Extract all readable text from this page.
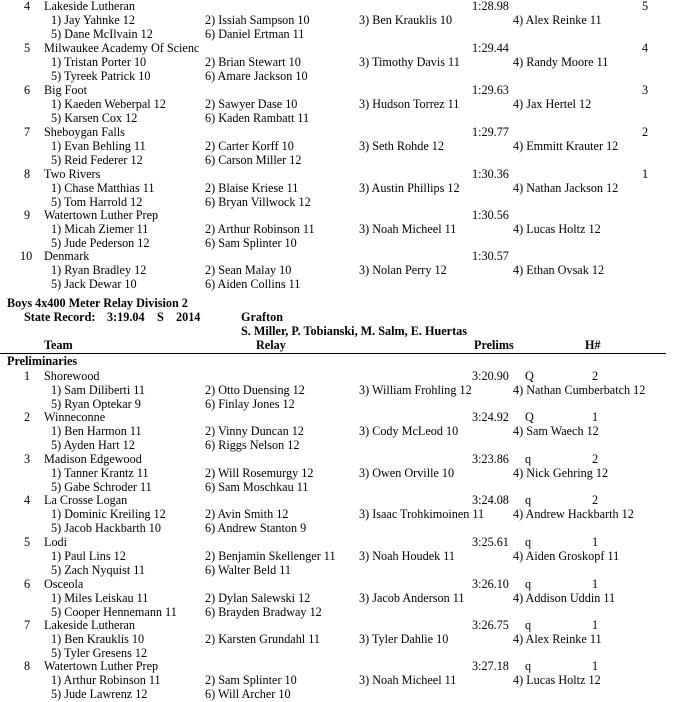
4 Lakeside Lutheran	1:28.98	5
1) Jay Yahnke 12	2) Issiah Sampson 10	3) Ben Krauklis 10	4) Alex Reinke 11
5) Dane McIlvain 12	6) Daniel Ertman 11
5 Milwaukee Academy Of Scienc	1:29.44	4
1) Tristan Porter 10	2) Brian Stewart 10	3) Timothy Davis 11	4) Randy Moore 11
5) Tyreek Patrick 10	6) Amare Jackson 10
6 Big Foot	1:29.63	3
1) Kaeden Weberpal 12	2) Sawyer Dase 10	3) Hudson Torrez 11	4) Jax Hertel 12
5) Karsen Cox 12	6) Kaden Rambatt 11
7 Sheboygan Falls	1:29.77	2
1) Evan Behling 11	2) Carter Korff 10	3) Seth Rohde 12	4) Emmitt Krauter 12
5) Reid Federer 12	6) Carson Miller 12
8 Two Rivers	1:30.36	1
1) Chase Matthias 11	2) Blaise Kriese 11	3) Austin Phillips 12	4) Nathan Jackson 12
5) Tom Harrold 12	6) Bryan Villwock 12
9 Watertown Luther Prep	1:30.56
1) Micah Ziemer 11	2) Arthur Robinson 11	3) Noah Micheel 11	4) Lucas Holtz 12
5) Jude Pederson 12	6) Sam Splinter 10
10 Denmark	1:30.57
1) Ryan Bradley 12	2) Sean Malay 10	3) Nolan Perry 12	4) Ethan Ovsak 12
5) Jack Dewar 10	6) Aiden Collins 11
Boys 4x400 Meter Relay Division 2
State Record: 3:19.04 S 2014	Grafton
S. Miller, P. Tobianski, M. Salm, E. Huertas
Team	Relay	Prelims	H#
Preliminaries
1 Shorewood	3:20.90 Q	2
1) Sam Diliberti 11	2) Otto Duensing 12	3) William Frohling 12	4) Nathan Cumberbatch 12
5) Ryan Optekar 9	6) Finlay Jones 12
2 Winneconne	3:24.92 Q	1
1) Ben Harmon 11	2) Vinny Duncan 12	3) Cody McLeod 10	4) Sam Waech 12
5) Ayden Hart 12	6) Riggs Nelson 12
3 Madison Edgewood	3:23.86 q	2
1) Tanner Krantz 11	2) Will Rosemurgy 12	3) Owen Orville 10	4) Nick Gehring 12
5) Gabe Schroder 11	6) Sam Moschkau 11
4 La Crosse Logan	3:24.08 q	2
1) Dominic Kreiling 12	2) Avin Smith 12	3) Isaac Trohkimoinen 11 4) Andrew Hackbarth 12
5) Jacob Hackbarth 10	6) Andrew Stanton 9
5 Lodi	3:25.61 q	1
1) Paul Lins 12	2) Benjamin Skellenger 11 3) Noah Houdek 11	4) Aiden Groskopf 11
5) Zach Nyquist 11	6) Walter Beld 11
6 Osceola	3:26.10 q	1
1) Miles Leiskau 11	2) Dylan Salewski 12	3) Jacob Anderson 11	4) Addison Uddin 11
5) Cooper Hennemann 11 6) Brayden Bradway 12
7 Lakeside Lutheran	3:26.75 q	1
1) Ben Krauklis 10	2) Karsten Grundahl 11	3) Tyler Dahlie 10	4) Alex Reinke 11
5) Tyler Gresens 12
8 Watertown Luther Prep	3:27.18 q	1
1) Arthur Robinson 11	2) Sam Splinter 10	3) Noah Micheel 11	4) Lucas Holtz 12
5) Jude Lawrenz 12	6) Will Archer 10
